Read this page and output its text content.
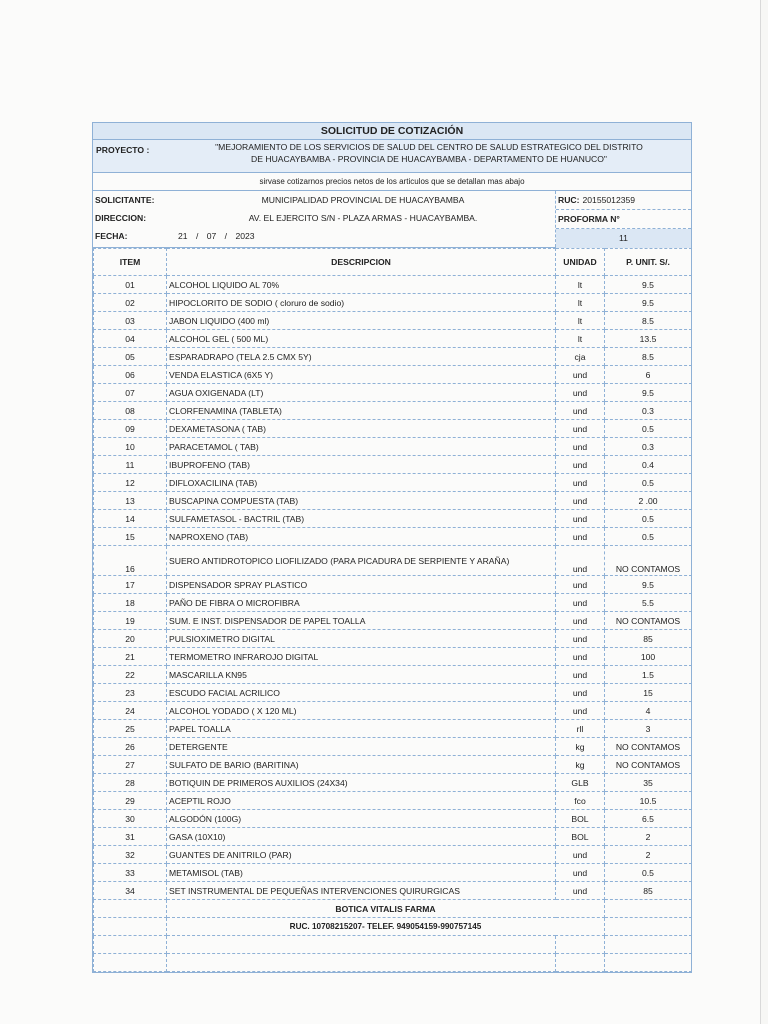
SOLICITUD DE COTIZACIÓN
PROYECTO :	"MEJORAMIENTO DE LOS SERVICIOS DE SALUD DEL CENTRO DE SALUD ESTRATEGICO DEL DISTRITO
DE HUACAYBAMBA - PROVINCIA DE HUACAYBAMBA - DEPARTAMENTO DE HUANUCO"
sirvase cotizarnos precios netos de los articulos que se detallan mas abajo
SOLICITANTE:	MUNICIPALIDAD PROVINCIAL DE HUACAYBAMBA
DIRECCION:	AV. EL EJERCITO S/N - PLAZA ARMAS - HUACAYBAMBA.
FECHA:	21 / 07 / 2023
RUC: 20155012359
PROFORMA N°
11
ITEM	DESCRIPCION	UNIDAD	P. UNIT. S/.
01	ALCOHOL LIQUIDO AL 70%	lt	9.5
02	HIPOCLORITO DE SODIO ( cloruro de sodio)	lt	9.5
03	JABON LIQUIDO (400 ml)	lt	8.5
04	ALCOHOL GEL ( 500 ML)	lt	13.5
05	ESPARADRAPO (TELA 2.5 CMX 5Y)	cja	8.5
06	VENDA ELASTICA (6X5 Y)	und	6
07	AGUA OXIGENADA (LT)	und	9.5
08	CLORFENAMINA (TABLETA)	und	0.3
09	DEXAMETASONA ( TAB)	und	0.5
10	PARACETAMOL ( TAB)	und	0.3
11	IBUPROFENO (TAB)	und	0.4
12	DIFLOXACILINA (TAB)	und	0.5
13	BUSCAPINA COMPUESTA (TAB)	und	2 .00
14	SULFAMETASOL - BACTRIL (TAB)	und	0.5
15	NAPROXENO (TAB)	und	0.5
16	SUERO ANTIDROTOPICO LIOFILIZADO (PARA PICADURA DE SERPIENTE Y ARAÑA)	und	NO CONTAMOS
17	DISPENSADOR SPRAY PLASTICO	und	9.5
18	PAÑO DE FIBRA O MICROFIBRA	und	5.5
19	SUM. E INST. DISPENSADOR DE PAPEL TOALLA	und	NO CONTAMOS
20	PULSIOXIMETRO DIGITAL	und	85
21	TERMOMETRO INFRAROJO DIGITAL	und	100
22	MASCARILLA KN95	und	1.5
23	ESCUDO FACIAL ACRILICO	und	15
24	ALCOHOL YODADO ( X 120 ML)	und	4
25	PAPEL TOALLA	rll	3
26	DETERGENTE	kg	NO CONTAMOS
27	SULFATO DE BARIO (BARITINA)	kg	NO CONTAMOS
28	BOTIQUIN DE PRIMEROS AUXILIOS (24X34)	GLB	35
29	ACEPTIL ROJO	fco	10.5
30	ALGODÓN (100G)	BOL	6.5
31	GASA (10X10)	BOL	2
32	GUANTES DE ANITRILO (PAR)	und	2
33	METAMISOL (TAB)	und	0.5
34	SET INSTRUMENTAL DE PEQUEÑAS INTERVENCIONES QUIRURGICAS	und	85
	BOTICA VITALIS FARMA		
	RUC. 10708215207- TELEF. 949054159-990757145		
